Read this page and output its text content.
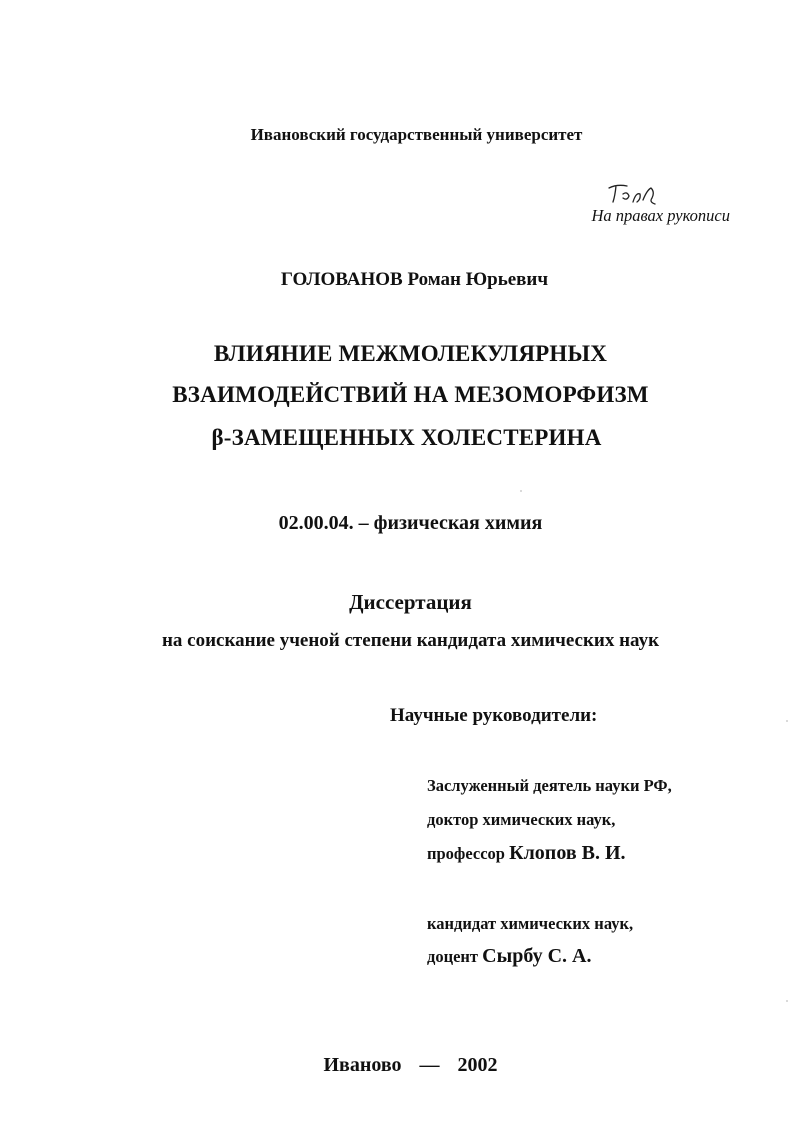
Ивановский государственный университет
На правах рукописи
ГОЛОВАНОВ Роман Юрьевич
ВЛИЯНИЕ МЕЖМОЛЕКУЛЯРНЫХ
ВЗАИМОДЕЙСТВИЙ НА МЕЗОМОРФИЗМ
β-ЗАМЕЩЕННЫХ ХОЛЕСТЕРИНА
02.00.04. – физическая химия
Диссертация
на соискание ученой степени кандидата химических наук
Научные руководители:
Заслуженный деятель науки РФ,
доктор химических наук,
профессор Клопов В. И.
кандидат химических наук,
доцент Сырбу С. А.
Иваново — 2002
